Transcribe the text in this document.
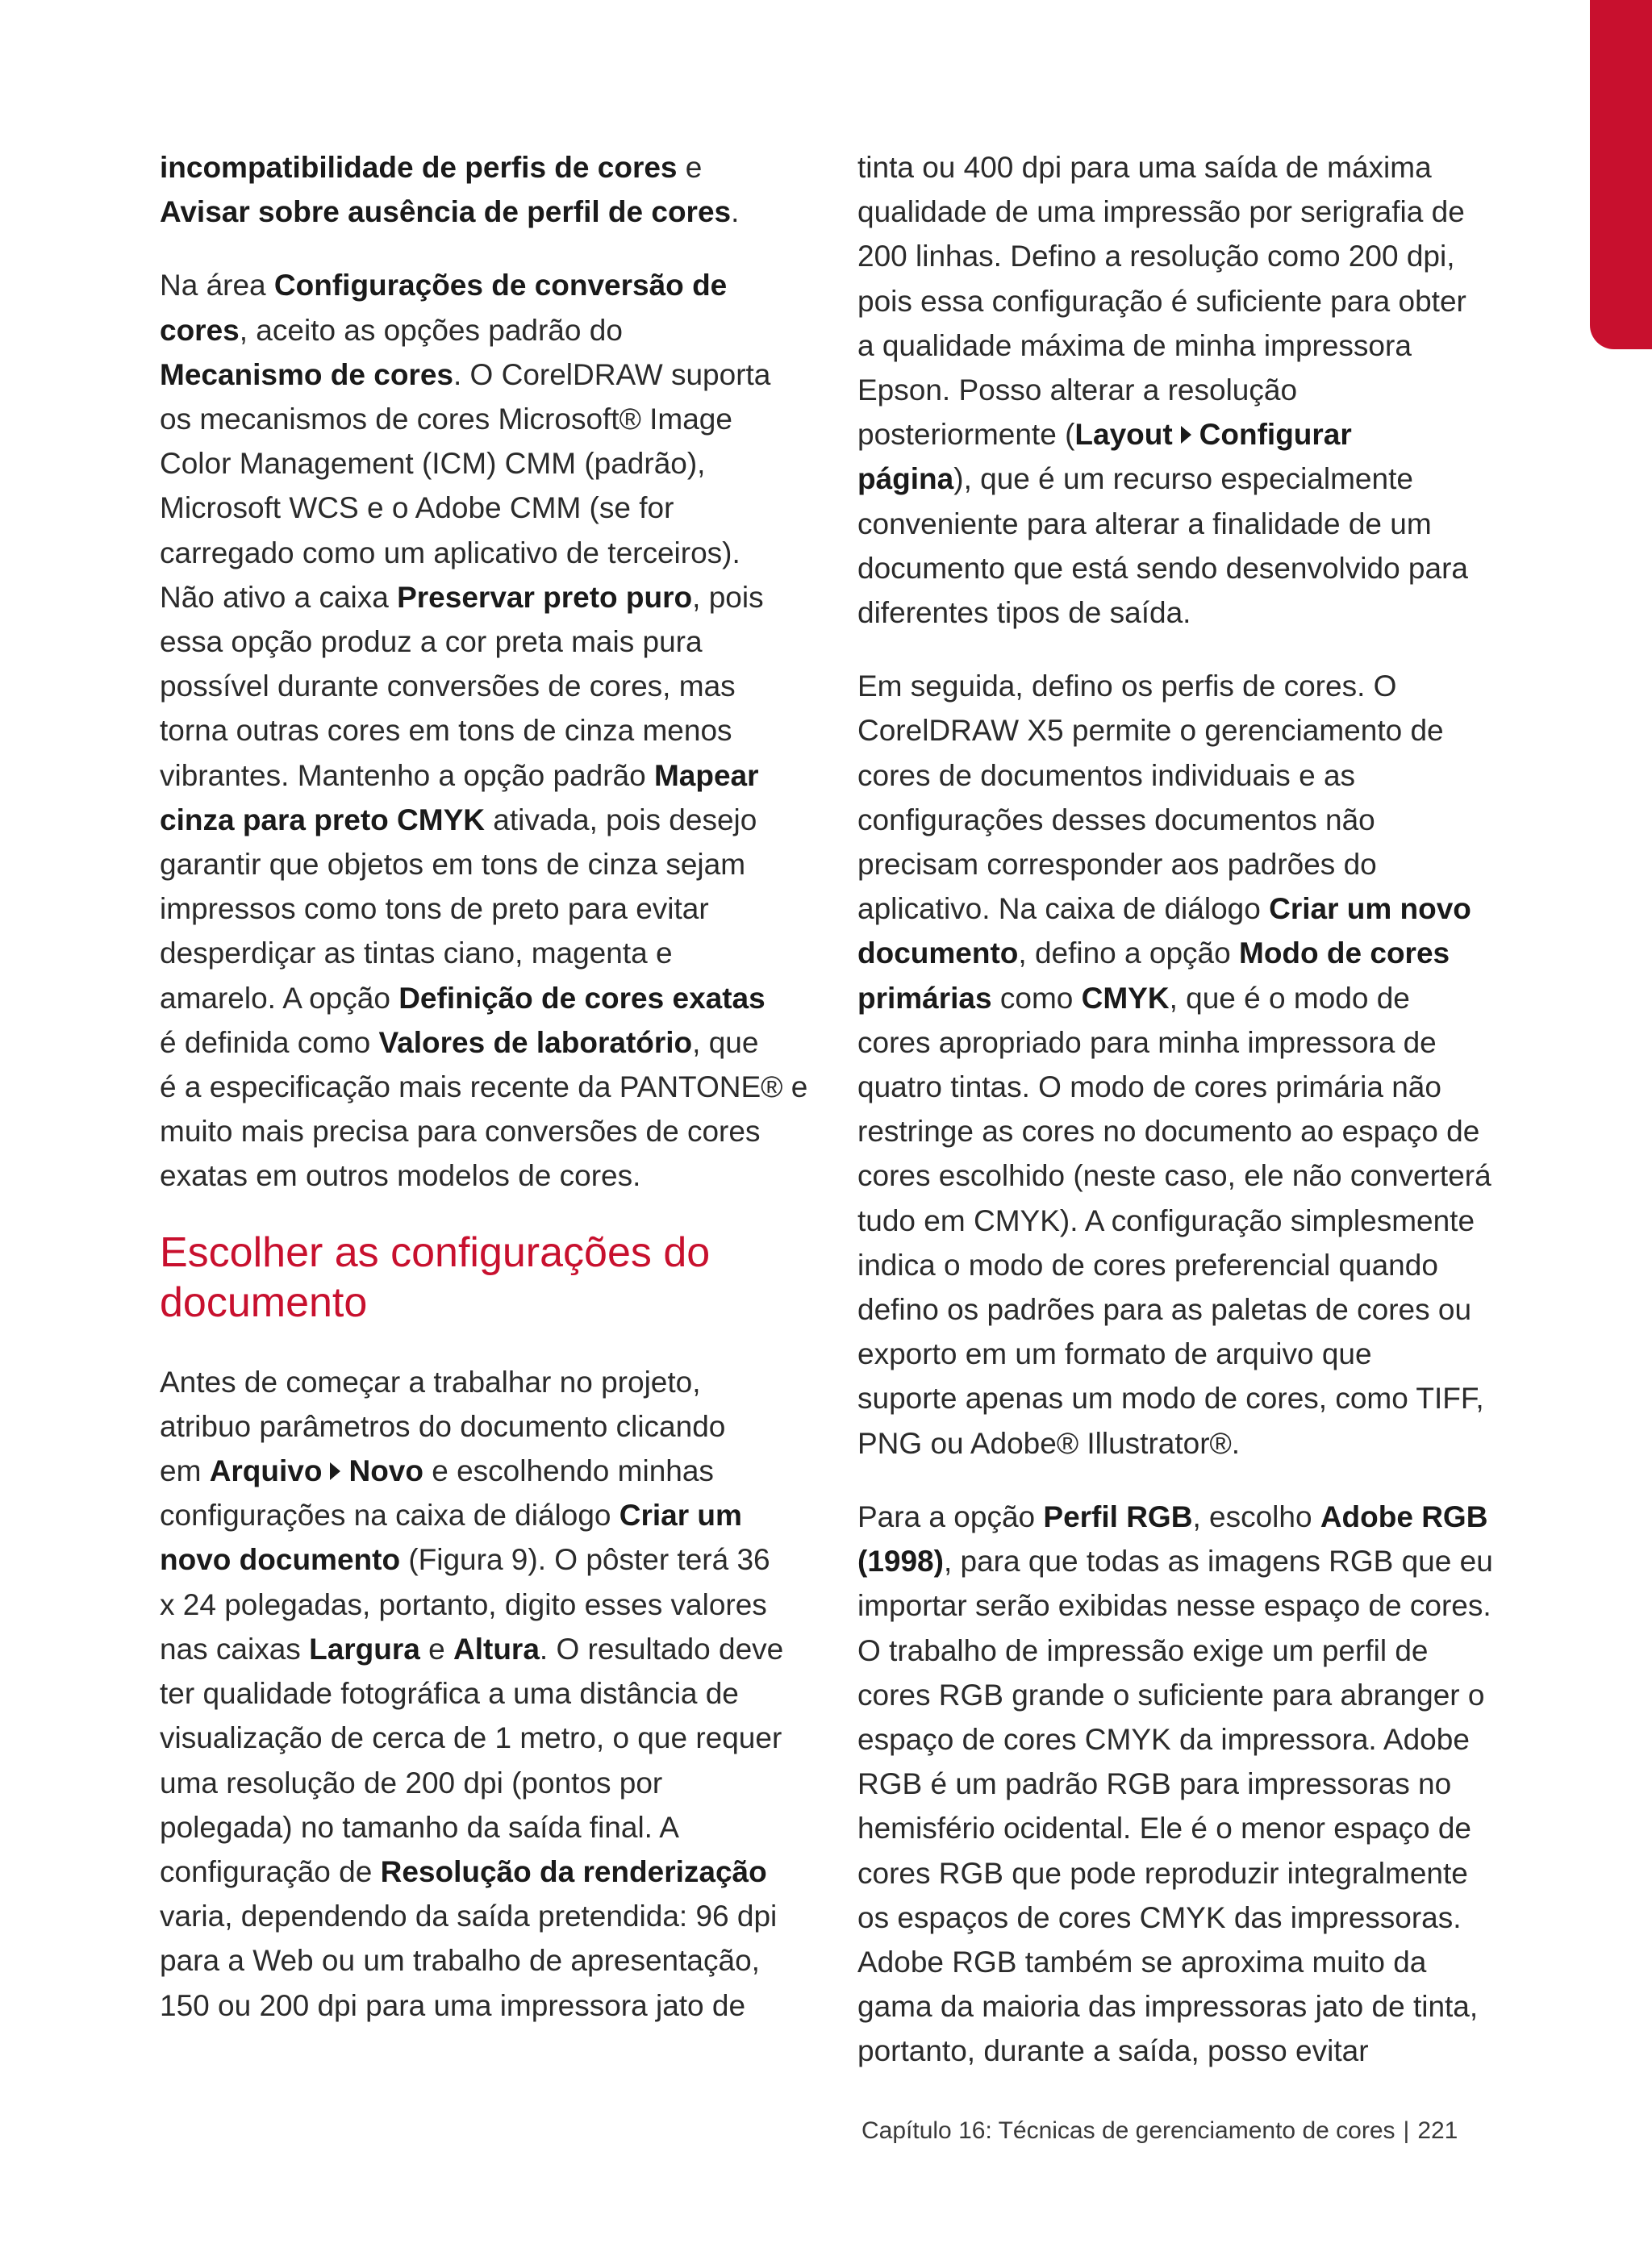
incompatibilidade de perfis de cores e
Avisar sobre ausência de perfil de cores.

Na área Configurações de conversão de
cores, aceito as opções padrão do
Mecanismo de cores. O CorelDRAW suporta
os mecanismos de cores Microsoft® Image
Color Management (ICM) CMM (padrão),
Microsoft WCS e o Adobe CMM (se for
carregado como um aplicativo de terceiros).
Não ativo a caixa Preservar preto puro, pois
essa opção produz a cor preta mais pura
possível durante conversões de cores, mas
torna outras cores em tons de cinza menos
vibrantes. Mantenho a opção padrão Mapear
cinza para preto CMYK ativada, pois desejo
garantir que objetos em tons de cinza sejam
impressos como tons de preto para evitar
desperdiçar as tintas ciano, magenta e
amarelo. A opção Definição de cores exatas
é definida como Valores de laboratório, que
é a especificação mais recente da PANTONE® e
muito mais precisa para conversões de cores
exatas em outros modelos de cores.

Escolher as configurações do
documento

Antes de começar a trabalhar no projeto,
atribuo parâmetros do documento clicando
em Arquivo Novo e escolhendo minhas
configurações na caixa de diálogo Criar um
novo documento (Figura 9). O pôster terá 36
x 24 polegadas, portanto, digito esses valores
nas caixas Largura e Altura. O resultado deve
ter qualidade fotográfica a uma distância de
visualização de cerca de 1 metro, o que requer
uma resolução de 200 dpi (pontos por
polegada) no tamanho da saída final. A
configuração de Resolução da renderização
varia, dependendo da saída pretendida: 96 dpi
para a Web ou um trabalho de apresentação,
150 ou 200 dpi para uma impressora jato de

tinta ou 400 dpi para uma saída de máxima
qualidade de uma impressão por serigrafia de
200 linhas. Defino a resolução como 200 dpi,
pois essa configuração é suficiente para obter
a qualidade máxima de minha impressora
Epson. Posso alterar a resolução
posteriormente (Layout Configurar
página), que é um recurso especialmente
conveniente para alterar a finalidade de um
documento que está sendo desenvolvido para
diferentes tipos de saída.

Em seguida, defino os perfis de cores. O
CorelDRAW X5 permite o gerenciamento de
cores de documentos individuais e as
configurações desses documentos não
precisam corresponder aos padrões do
aplicativo. Na caixa de diálogo Criar um novo
documento, defino a opção Modo de cores
primárias como CMYK, que é o modo de
cores apropriado para minha impressora de
quatro tintas. O modo de cores primária não
restringe as cores no documento ao espaço de
cores escolhido (neste caso, ele não converterá
tudo em CMYK). A configuração simplesmente
indica o modo de cores preferencial quando
defino os padrões para as paletas de cores ou
exporto em um formato de arquivo que
suporte apenas um modo de cores, como TIFF,
PNG ou Adobe® Illustrator®.

Para a opção Perfil RGB, escolho Adobe RGB
(1998), para que todas as imagens RGB que eu
importar serão exibidas nesse espaço de cores.
O trabalho de impressão exige um perfil de
cores RGB grande o suficiente para abranger o
espaço de cores CMYK da impressora. Adobe
RGB é um padrão RGB para impressoras no
hemisfério ocidental. Ele é o menor espaço de
cores RGB que pode reproduzir integralmente
os espaços de cores CMYK das impressoras.
Adobe RGB também se aproxima muito da
gama da maioria das impressoras jato de tinta,
portanto, durante a saída, posso evitar

Capítulo 16: Técnicas de gerenciamento de cores | 221
